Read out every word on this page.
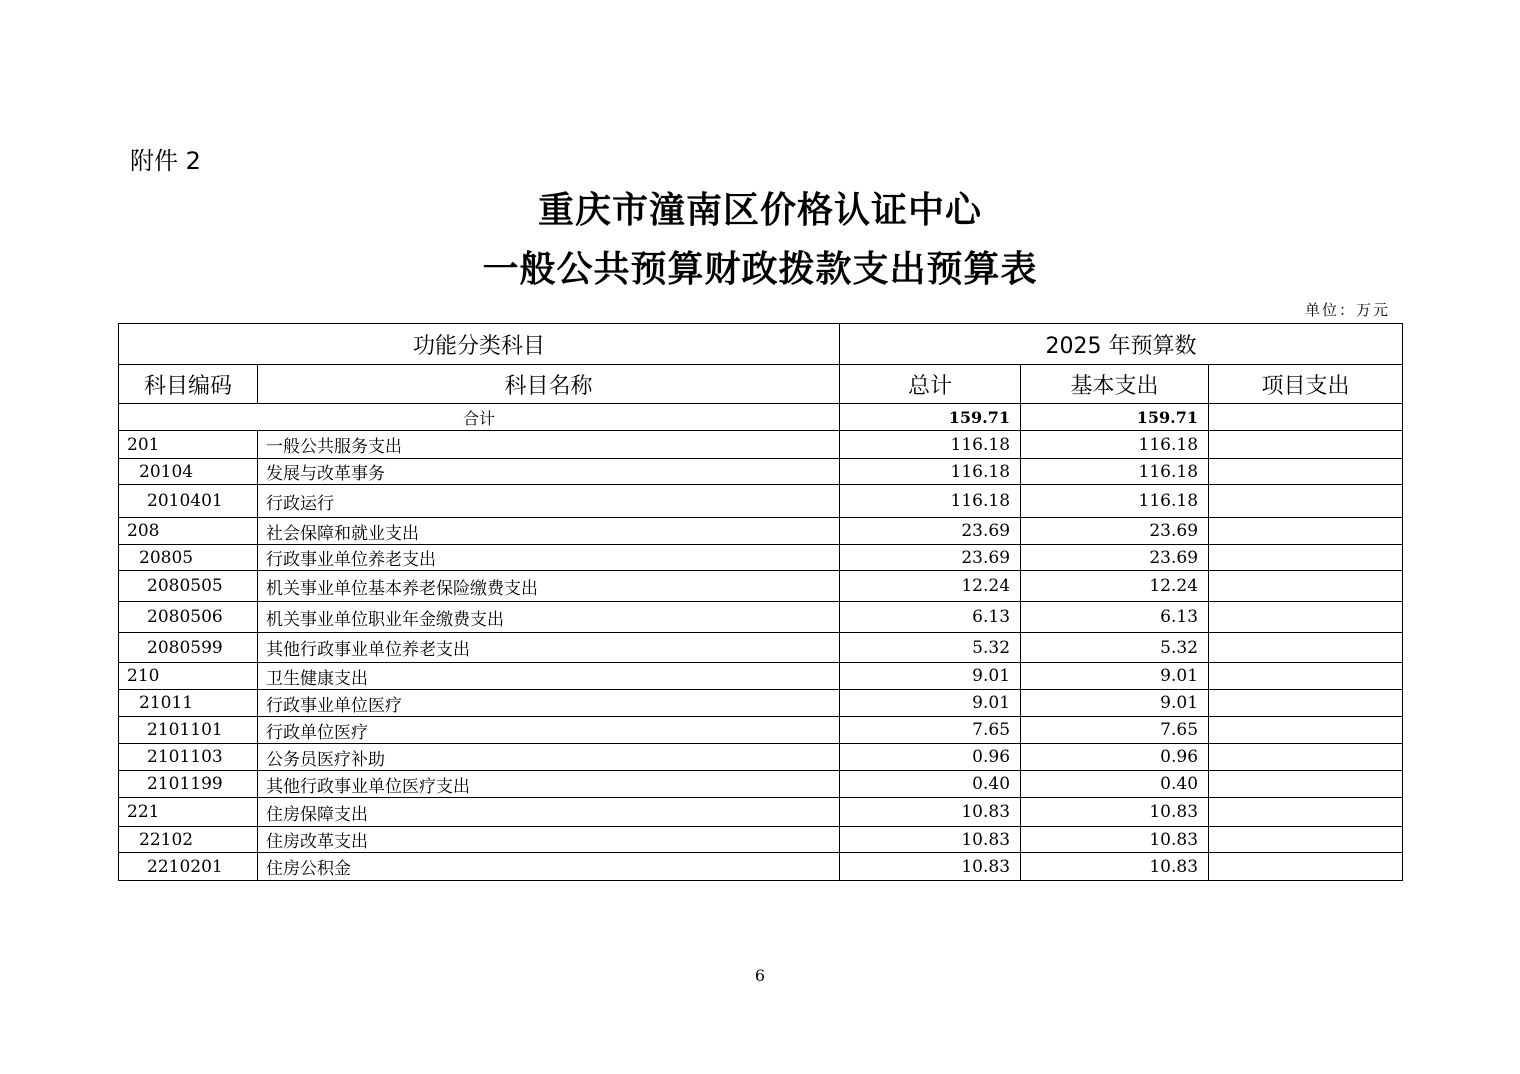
附件 2
重庆市潼南区价格认证中心
一般公共预算财政拨款支出预算表
单位：万元
功能分类科目		2025 年预算数		
科目编码	科目名称	总计	基本支出	项目支出
合计		159.71	159.71	
201	一般公共服务支出	116.18	116.18	
20104	发展与改革事务	116.18	116.18	
2010401	行政运行	116.18	116.18	
208	社会保障和就业支出	23.69	23.69	
20805	行政事业单位养老支出	23.69	23.69	
2080505	机关事业单位基本养老保险缴费支出	12.24	12.24	
2080506	机关事业单位职业年金缴费支出	6.13	6.13	
2080599	其他行政事业单位养老支出	5.32	5.32	
210	卫生健康支出	9.01	9.01	
21011	行政事业单位医疗	9.01	9.01	
2101101	行政单位医疗	7.65	7.65	
2101103	公务员医疗补助	0.96	0.96	
2101199	其他行政事业单位医疗支出	0.40	0.40	
221	住房保障支出	10.83	10.83	
22102	住房改革支出	10.83	10.83	
2210201	住房公积金	10.83	10.83	
6
